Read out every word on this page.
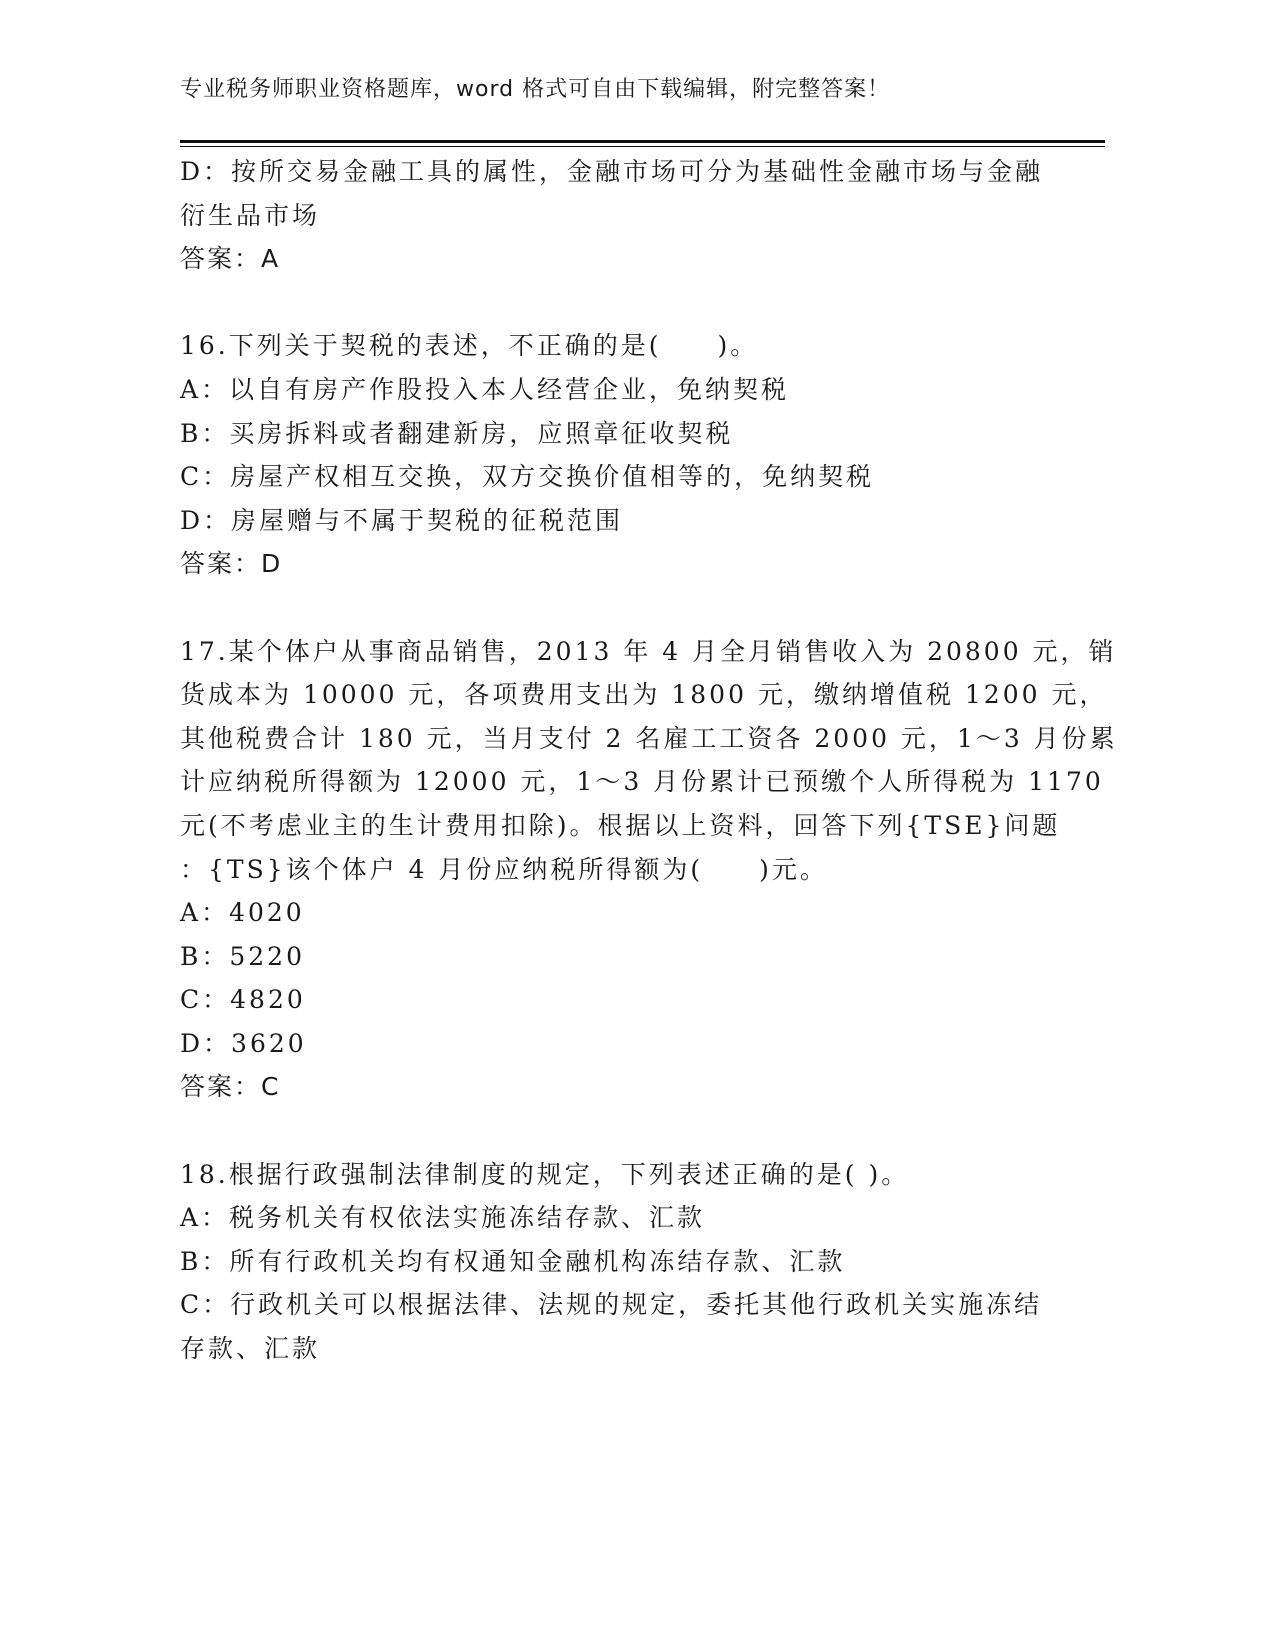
专业税务师职业资格题库，word 格式可自由下载编辑，附完整答案！
D：按所交易金融工具的属性，金融市场可分为基础性金融市场与金融
衍生品市场
答案：A
16.下列关于契税的表述，不正确的是(　　)。
A：以自有房产作股投入本人经营企业，免纳契税
B：买房拆料或者翻建新房，应照章征收契税
C：房屋产权相互交换，双方交换价值相等的，免纳契税
D：房屋赠与不属于契税的征税范围
答案：D
17.某个体户从事商品销售，2013 年 4 月全月销售收入为 20800 元，销
货成本为 10000 元，各项费用支出为 1800 元，缴纳增值税 1200 元，
其他税费合计 180 元，当月支付 2 名雇工工资各 2000 元，1～3 月份累
计应纳税所得额为 12000 元，1～3 月份累计已预缴个人所得税为 1170
元(不考虑业主的生计费用扣除)。根据以上资料，回答下列{TSE}问题
：{TS}该个体户 4 月份应纳税所得额为(　　)元。
A：4020
B：5220
C：4820
D：3620
答案：C
18.根据行政强制法律制度的规定，下列表述正确的是( )。
A：税务机关有权依法实施冻结存款、汇款
B：所有行政机关均有权通知金融机构冻结存款、汇款
C：行政机关可以根据法律、法规的规定，委托其他行政机关实施冻结
存款、汇款
